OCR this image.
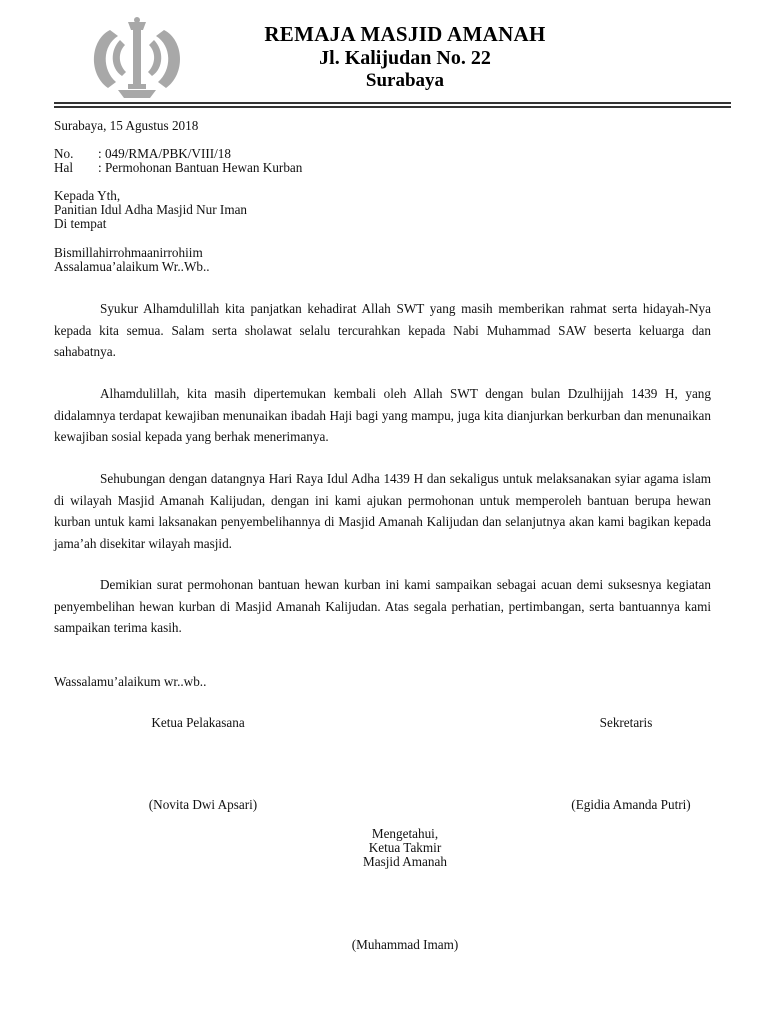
REMAJA MASJID AMANAH
Jl. Kalijudan No. 22
Surabaya
Surabaya, 15 Agustus 2018
No. : 049/RMA/PBK/VIII/18
Hal : Permohonan Bantuan Hewan Kurban
Kepada Yth,
Panitian Idul Adha Masjid Nur Iman
Di tempat
Bismillahirrohmaanirrohiim
Assalamua’alaikum Wr..Wb..
Syukur Alhamdulillah kita panjatkan kehadirat Allah SWT yang masih memberikan rahmat serta hidayah-Nya kepada kita semua. Salam serta sholawat selalu tercurahkan kepada Nabi Muhammad SAW beserta keluarga dan sahabatnya.
Alhamdulillah, kita masih dipertemukan kembali oleh Allah SWT dengan bulan Dzulhijjah 1439 H, yang didalamnya terdapat kewajiban menunaikan ibadah Haji bagi yang mampu, juga kita dianjurkan berkurban dan menunaikan kewajiban sosial kepada yang berhak menerimanya.
Sehubungan dengan datangnya Hari Raya Idul Adha 1439 H dan sekaligus untuk melaksanakan syiar agama islam di wilayah Masjid Amanah Kalijudan, dengan ini kami ajukan permohonan untuk memperoleh bantuan berupa hewan kurban untuk kami laksanakan penyembelihannya di Masjid Amanah Kalijudan dan selanjutnya akan kami bagikan kepada jama’ah disekitar wilayah masjid.
Demikian surat permohonan bantuan hewan kurban ini kami sampaikan sebagai acuan demi suksesnya kegiatan penyembelihan hewan kurban di Masjid Amanah Kalijudan. Atas segala perhatian, pertimbangan, serta bantuannya kami sampaikan terima kasih.
Wassalamu’alaikum wr..wb..
Ketua Pelakasana	Sekretaris
(Novita Dwi Apsari)	(Egidia Amanda Putri)
Mengetahui,
Ketua Takmir
Masjid Amanah
(Muhammad Imam)
